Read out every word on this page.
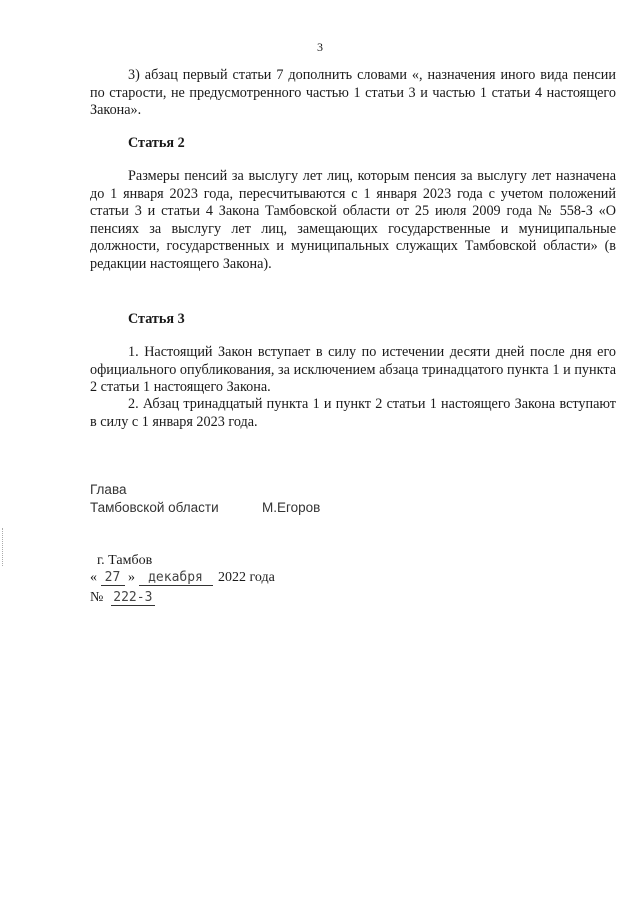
3

3) абзац первый статьи 7 дополнить словами «, назначения иного вида пенсии по старости, не предусмотренного частью 1 статьи 3 и частью 1 статьи 4 настоящего Закона».

Статья 2

Размеры пенсий за выслугу лет лиц, которым пенсия за выслугу лет назначена до 1 января 2023 года, пересчитываются с 1 января 2023 года с учетом положений статьи 3 и статьи 4 Закона Тамбовской области от 25 июля 2009 года № 558-З «О пенсиях за выслугу лет лиц, замещающих государственные и муниципальные должности, государственных и муниципальных служащих Тамбовской области» (в редакции настоящего Закона).

Статья 3

1. Настоящий Закон вступает в силу по истечении десяти дней после дня его официального опубликования, за исключением абзаца тринадцатого пункта 1 и пункта 2 статьи 1 настоящего Закона.

2. Абзац тринадцатый пункта 1 и пункт 2 статьи 1 настоящего Закона вступают в силу с 1 января 2023 года.

Глава
Тамбовской области	М.Егоров
г. Тамбов
« 27 » декабря 2022 года
№ 222-З
